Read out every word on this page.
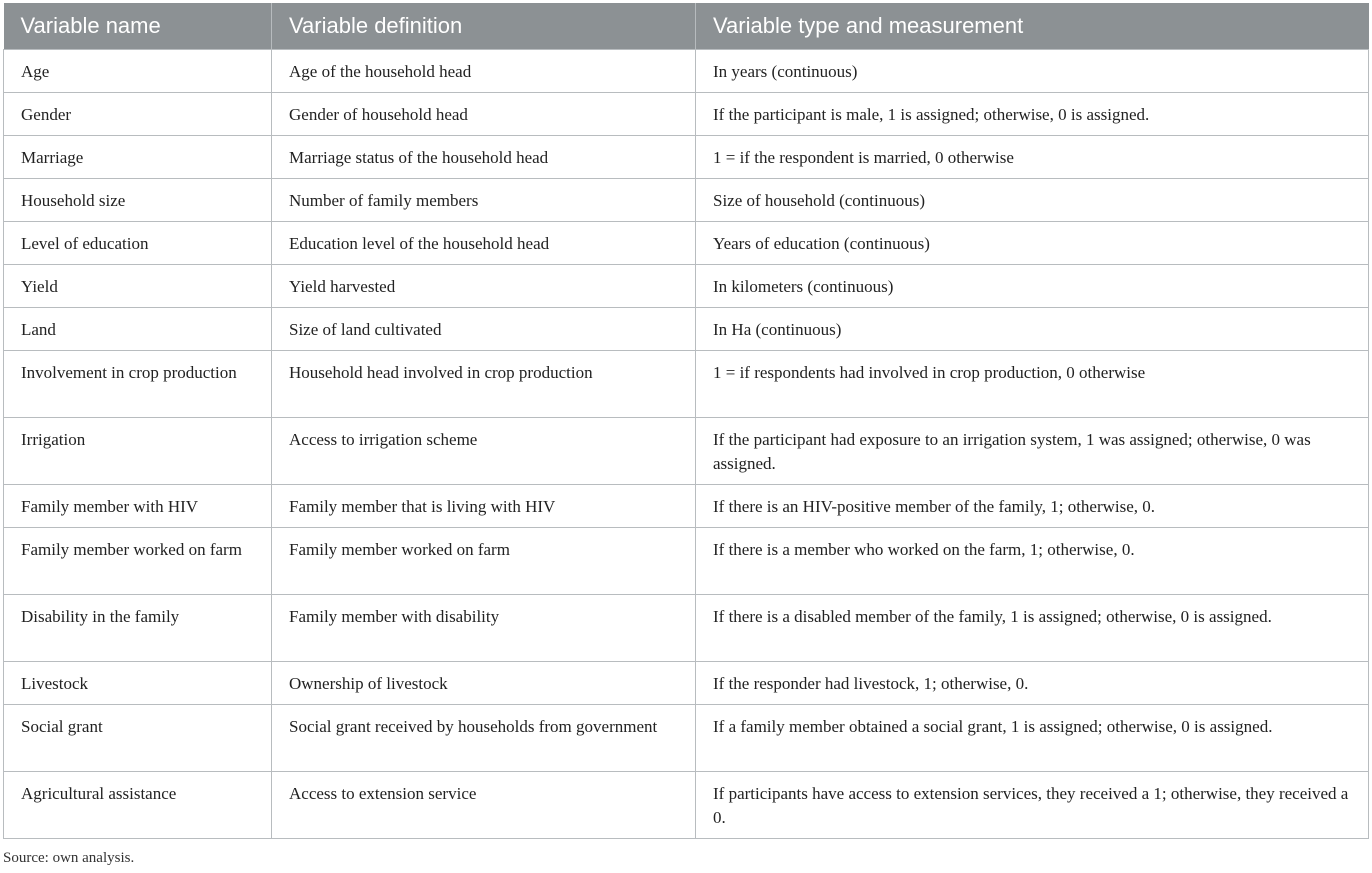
Variable name	Variable definition	Variable type and measurement
Age	Age of the household head	In years (continuous)
Gender	Gender of household head	If the participant is male, 1 is assigned; otherwise, 0 is assigned.
Marriage	Marriage status of the household head	1 = if the respondent is married, 0 otherwise
Household size	Number of family members	Size of household (continuous)
Level of education	Education level of the household head	Years of education (continuous)
Yield	Yield harvested	In kilometers (continuous)
Land	Size of land cultivated	In Ha (continuous)
Involvement in crop production	Household head involved in crop production	1 = if respondents had involved in crop production, 0 otherwise
Irrigation	Access to irrigation scheme	If the participant had exposure to an irrigation system, 1 was assigned; otherwise, 0 was assigned.
Family member with HIV	Family member that is living with HIV	If there is an HIV-positive member of the family, 1; otherwise, 0.
Family member worked on farm	Family member worked on farm	If there is a member who worked on the farm, 1; otherwise, 0.
Disability in the family	Family member with disability	If there is a disabled member of the family, 1 is assigned; otherwise, 0 is assigned.
Livestock	Ownership of livestock	If the responder had livestock, 1; otherwise, 0.
Social grant	Social grant received by households from government	If a family member obtained a social grant, 1 is assigned; otherwise, 0 is assigned.
Agricultural assistance	Access to extension service	If participants have access to extension services, they received a 1; otherwise, they received a 0.
Source: own analysis.
